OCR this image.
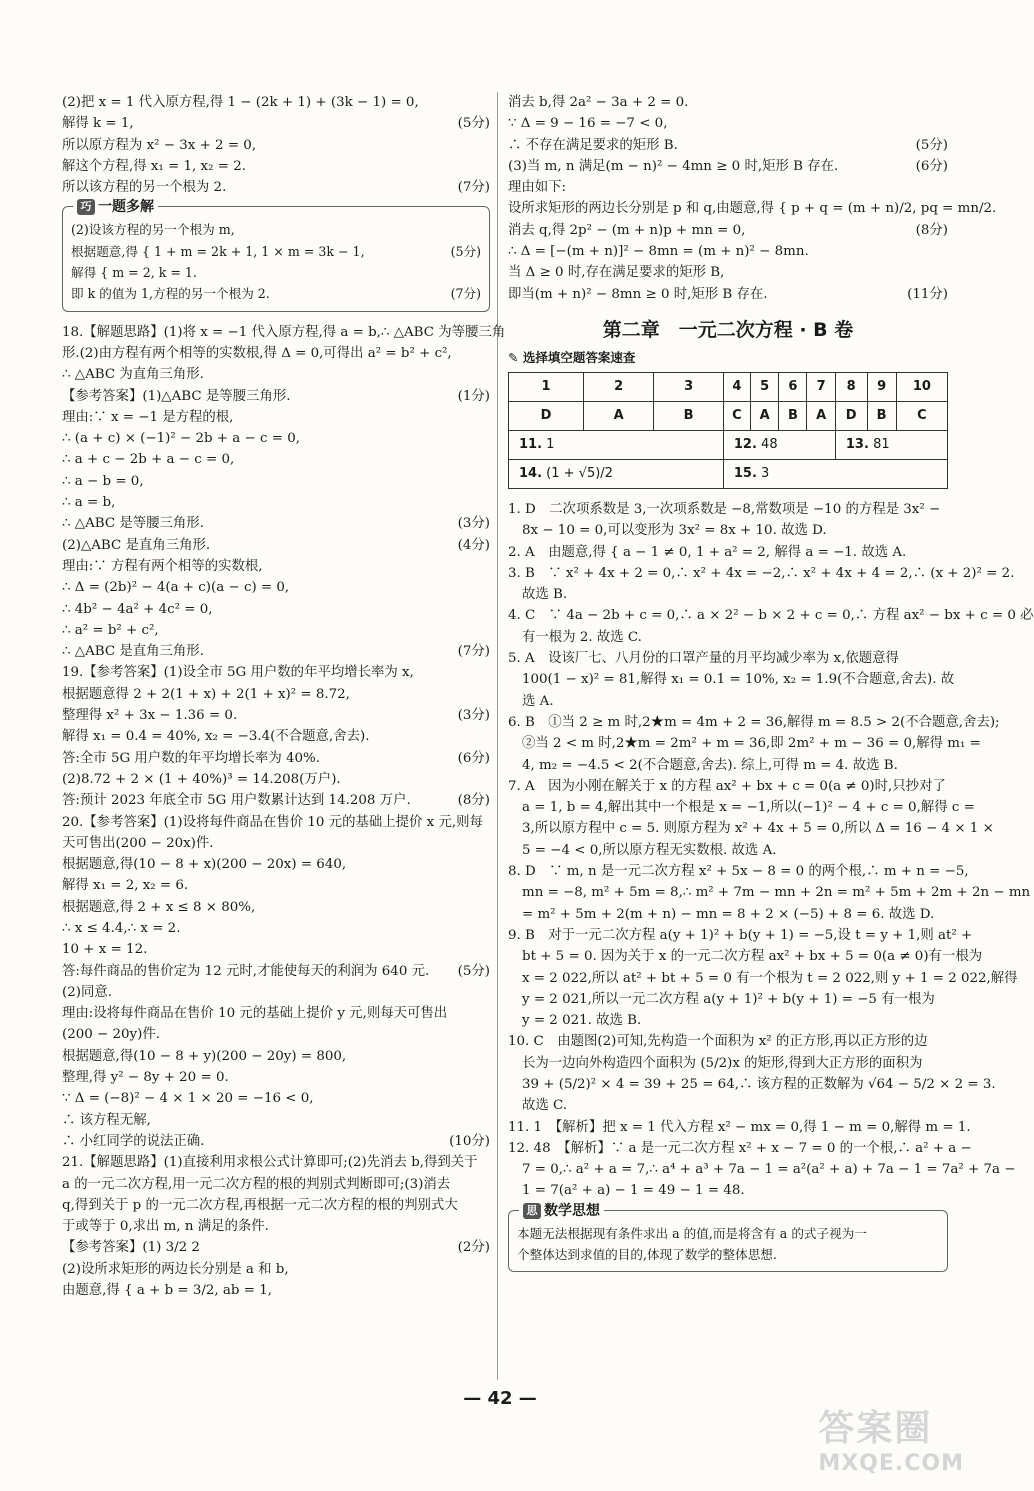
(2)把 x = 1 代入原方程,得 1 − (2k + 1) + (3k − 1) = 0,
解得 k = 1,	(5分)
所以原方程为 x² − 3x + 2 = 0,
解这个方程,得 x₁ = 1, x₂ = 2.
所以该方程的另一个根为 2.	(7分)
巧 一题多解
(2)设该方程的另一个根为 m,
根据题意,得 { 1 + m = 2k + 1, 1 × m = 3k − 1,	(5分)
解得 { m = 2, k = 1.
即 k 的值为 1,方程的另一个根为 2.	(7分)
18.【解题思路】(1)将 x = −1 代入原方程,得 a = b,∴ △ABC 为等腰三角
形.(2)由方程有两个相等的实数根,得 Δ = 0,可得出 a² = b² + c²,
∴ △ABC 为直角三角形.
【参考答案】(1)△ABC 是等腰三角形.	(1分)
理由:∵ x = −1 是方程的根,
∴ (a + c) × (−1)² − 2b + a − c = 0,
∴ a + c − 2b + a − c = 0,
∴ a − b = 0,
∴ a = b,
∴ △ABC 是等腰三角形.	(3分)
(2)△ABC 是直角三角形.	(4分)
理由:∵ 方程有两个相等的实数根,
∴ Δ = (2b)² − 4(a + c)(a − c) = 0,
∴ 4b² − 4a² + 4c² = 0,
∴ a² = b² + c²,
∴ △ABC 是直角三角形.	(7分)
19.【参考答案】(1)设全市 5G 用户数的年平均增长率为 x,
根据题意得 2 + 2(1 + x) + 2(1 + x)² = 8.72,
整理得 x² + 3x − 1.36 = 0.	(3分)
解得 x₁ = 0.4 = 40%, x₂ = −3.4(不合题意,舍去).
答:全市 5G 用户数的年平均增长率为 40%.	(6分)
(2)8.72 + 2 × (1 + 40%)³ = 14.208(万户).
答:预计 2023 年底全市 5G 用户数累计达到 14.208 万户.	(8分)
20.【参考答案】(1)设将每件商品在售价 10 元的基础上提价 x 元,则每
天可售出(200 − 20x)件.
根据题意,得(10 − 8 + x)(200 − 20x) = 640,
解得 x₁ = 2, x₂ = 6.
根据题意,得 2 + x ≤ 8 × 80%,
∴ x ≤ 4.4,∴ x = 2.
10 + x = 12.
答:每件商品的售价定为 12 元时,才能使每天的利润为 640 元. (5分)
(2)同意.
理由:设将每件商品在售价 10 元的基础上提价 y 元,则每天可售出
(200 − 20y)件.
根据题意,得(10 − 8 + y)(200 − 20y) = 800,
整理,得 y² − 8y + 20 = 0.
∵ Δ = (−8)² − 4 × 1 × 20 = −16 < 0,
∴ 该方程无解,
∴ 小红同学的说法正确.	(10分)
21.【解题思路】(1)直接利用求根公式计算即可;(2)先消去 b,得到关于
a 的一元二次方程,用一元二次方程的根的判别式判断即可;(3)消去
q,得到关于 p 的一元二次方程,再根据一元二次方程的根的判别式大
于或等于 0,求出 m, n 满足的条件.
【参考答案】(1) 3/2 2	(2分)
(2)设所求矩形的两边长分别是 a 和 b,
由题意,得 { a + b = 3/2, ab = 1,
消去 b,得 2a² − 3a + 2 = 0.
∵ Δ = 9 − 16 = −7 < 0,
∴ 不存在满足要求的矩形 B.	(5分)
(3)当 m, n 满足(m − n)² − 4mn ≥ 0 时,矩形 B 存在.	(6分)
理由如下:
设所求矩形的两边长分别是 p 和 q,由题意,得 { p + q = (m + n)/2, pq = mn/2.
消去 q,得 2p² − (m + n)p + mn = 0,	(8分)
∴ Δ = [−(m + n)]² − 8mn = (m + n)² − 8mn.
当 Δ ≥ 0 时,存在满足要求的矩形 B,
即当(m + n)² − 8mn ≥ 0 时,矩形 B 存在.	(11分)
第二章　一元二次方程 · B 卷
✎ 选择填空题答案速查
1	2	3	4	5	6	7	8	9	10
D	A	B	C	A	B	A	D	B	C
11. 1			12. 48				13. 81		
14. (1 + √5)/2			15. 3						
1. D　二次项系数是 3,一次项系数是 −8,常数项是 −10 的方程是 3x² −
8x − 10 = 0,可以变形为 3x² = 8x + 10. 故选 D.
2. A　由题意,得 { a − 1 ≠ 0, 1 + a² = 2, 解得 a = −1. 故选 A.
3. B　∵ x² + 4x + 2 = 0,∴ x² + 4x = −2,∴ x² + 4x + 4 = 2,∴ (x + 2)² = 2.
故选 B.
4. C　∵ 4a − 2b + c = 0,∴ a × 2² − b × 2 + c = 0,∴ 方程 ax² − bx + c = 0 必
有一根为 2. 故选 C.
5. A　设该厂七、八月份的口罩产量的月平均减少率为 x,依题意得
100(1 − x)² = 81,解得 x₁ = 0.1 = 10%, x₂ = 1.9(不合题意,舍去). 故
选 A.
6. B　①当 2 ≥ m 时,2★m = 4m + 2 = 36,解得 m = 8.5 > 2(不合题意,舍去);
②当 2 < m 时,2★m = 2m² + m = 36,即 2m² + m − 36 = 0,解得 m₁ =
4, m₂ = −4.5 < 2(不合题意,舍去). 综上,可得 m = 4. 故选 B.
7. A　因为小刚在解关于 x 的方程 ax² + bx + c = 0(a ≠ 0)时,只抄对了
a = 1, b = 4,解出其中一个根是 x = −1,所以(−1)² − 4 + c = 0,解得 c =
3,所以原方程中 c = 5. 则原方程为 x² + 4x + 5 = 0,所以 Δ = 16 − 4 × 1 ×
5 = −4 < 0,所以原方程无实数根. 故选 A.
8. D　∵ m, n 是一元二次方程 x² + 5x − 8 = 0 的两个根,∴ m + n = −5,
mn = −8, m² + 5m = 8,∴ m² + 7m − mn + 2n = m² + 5m + 2m + 2n − mn
= m² + 5m + 2(m + n) − mn = 8 + 2 × (−5) + 8 = 6. 故选 D.
9. B　对于一元二次方程 a(y + 1)² + b(y + 1) = −5,设 t = y + 1,则 at² +
bt + 5 = 0. 因为关于 x 的一元二次方程 ax² + bx + 5 = 0(a ≠ 0)有一根为
x = 2 022,所以 at² + bt + 5 = 0 有一个根为 t = 2 022,则 y + 1 = 2 022,解得
y = 2 021,所以一元二次方程 a(y + 1)² + b(y + 1) = −5 有一根为
y = 2 021. 故选 B.
10. C　由题图(2)可知,先构造一个面积为 x² 的正方形,再以正方形的边
长为一边向外构造四个面积为 (5/2)x 的矩形,得到大正方形的面积为
39 + (5/2)² × 4 = 39 + 25 = 64,∴ 该方程的正数解为 √64 − 5/2 × 2 = 3.
故选 C.
11. 1　【解析】把 x = 1 代入方程 x² − mx = 0,得 1 − m = 0,解得 m = 1.
12. 48　【解析】∵ a 是一元二次方程 x² + x − 7 = 0 的一个根,∴ a² + a −
7 = 0,∴ a² + a = 7,∴ a⁴ + a³ + 7a − 1 = a²(a² + a) + 7a − 1 = 7a² + 7a −
1 = 7(a² + a) − 1 = 49 − 1 = 48.
思 数学思想
本题无法根据现有条件求出 a 的值,而是将含有 a 的式子视为一
个整体达到求值的目的,体现了数学的整体思想.
— 42 —
答案圈
MXQE.COM
